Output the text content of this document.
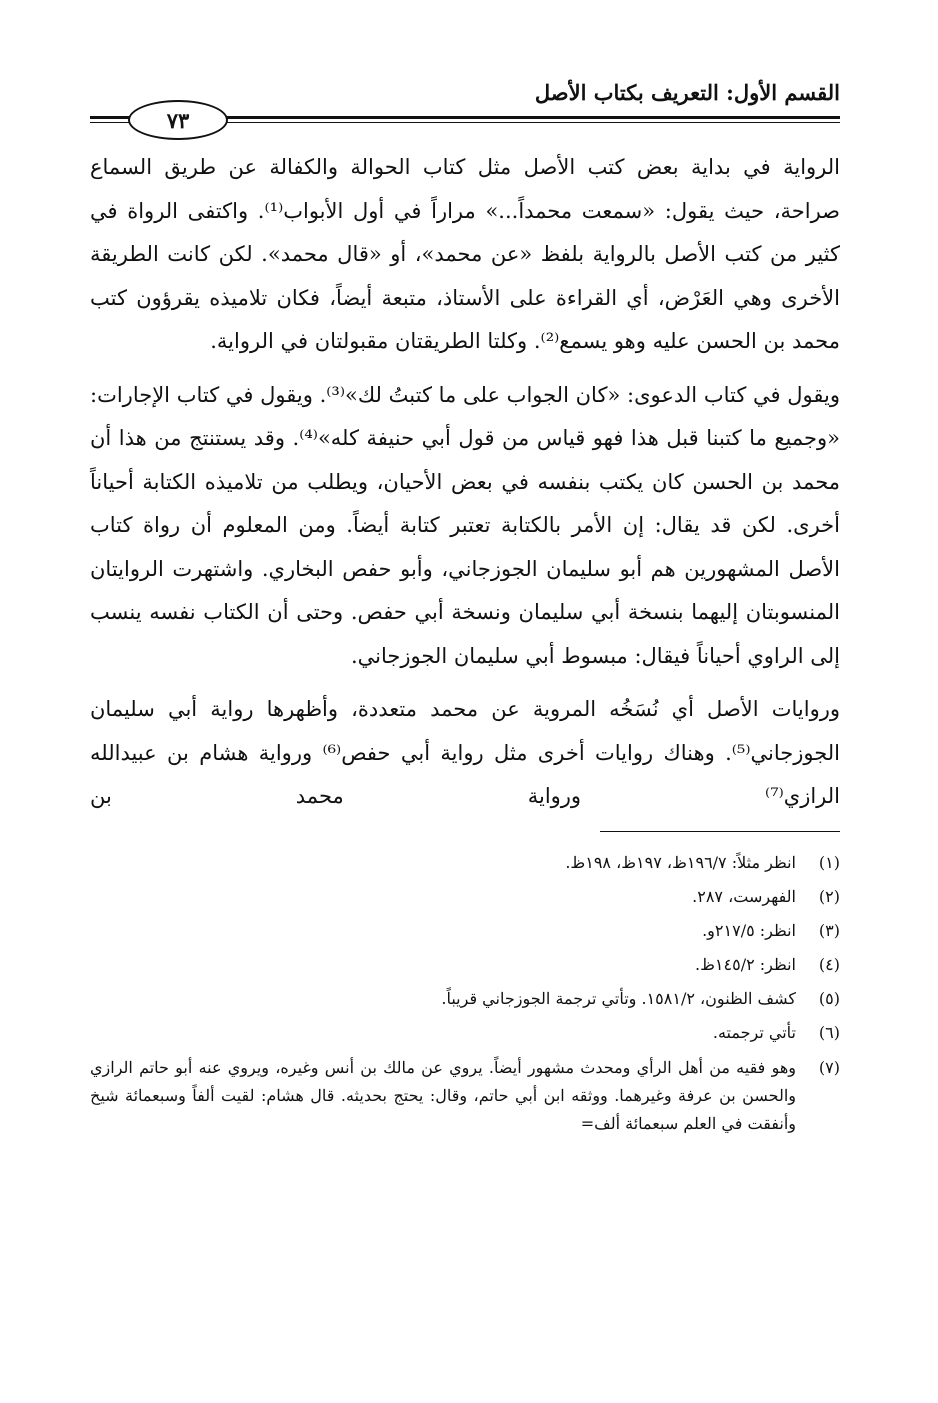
القسم الأول: التعريف بكتاب الأصل
٧٣

الرواية في بداية بعض كتب الأصل مثل كتاب الحوالة والكفالة عن طريق السماع صراحة، حيث يقول: «سمعت محمداً...» مراراً في أول الأبواب⁽¹⁾. واكتفى الرواة في كثير من كتب الأصل بالرواية بلفظ «عن محمد»، أو «قال محمد». لكن كانت الطريقة الأخرى وهي العَرْض، أي القراءة على الأستاذ، متبعة أيضاً، فكان تلاميذه يقرؤون كتب محمد بن الحسن عليه وهو يسمع⁽²⁾. وكلتا الطريقتان مقبولتان في الرواية.

ويقول في كتاب الدعوى: «كان الجواب على ما كتبتُ لك»⁽³⁾. ويقول في كتاب الإجارات: «وجميع ما كتبنا قبل هذا فهو قياس من قول أبي حنيفة كله»⁽⁴⁾. وقد يستنتج من هذا أن محمد بن الحسن كان يكتب بنفسه في بعض الأحيان، ويطلب من تلاميذه الكتابة أحياناً أخرى. لكن قد يقال: إن الأمر بالكتابة تعتبر كتابة أيضاً. ومن المعلوم أن رواة كتاب الأصل المشهورين هم أبو سليمان الجوزجاني، وأبو حفص البخاري. واشتهرت الروايتان المنسوبتان إليهما بنسخة أبي سليمان ونسخة أبي حفص. وحتى أن الكتاب نفسه ينسب إلى الراوي أحياناً فيقال: مبسوط أبي سليمان الجوزجاني.

وروايات الأصل أي نُسَخُه المروية عن محمد متعددة، وأظهرها رواية أبي سليمان الجوزجاني⁽⁵⁾. وهناك روايات أخرى مثل رواية أبي حفص⁽⁶⁾ ورواية هشام بن عبيدالله الرازي⁽⁷⁾ ورواية محمد بن

(١)
انظر مثلاً: ١٩٦/٧ظ، ١٩٧ظ، ١٩٨ظ.
(٢)
الفهرست، ٢٨٧.
(٣)
انظر: ٢١٧/٥و.
(٤)
انظر: ١٤٥/٢ظ.
(٥)
كشف الظنون، ١٥٨١/٢. وتأتي ترجمة الجوزجاني قريباً.
(٦)
تأتي ترجمته.
(٧)
وهو فقيه من أهل الرأي ومحدث مشهور أيضاً. يروي عن مالك بن أنس وغيره، ويروي عنه أبو حاتم الرازي والحسن بن عرفة وغيرهما. ووثقه ابن أبي حاتم، وقال: يحتج بحديثه. قال هشام: لقيت ألفاً وسبعمائة شيخ وأنفقت في العلم سبعمائة ألف=
